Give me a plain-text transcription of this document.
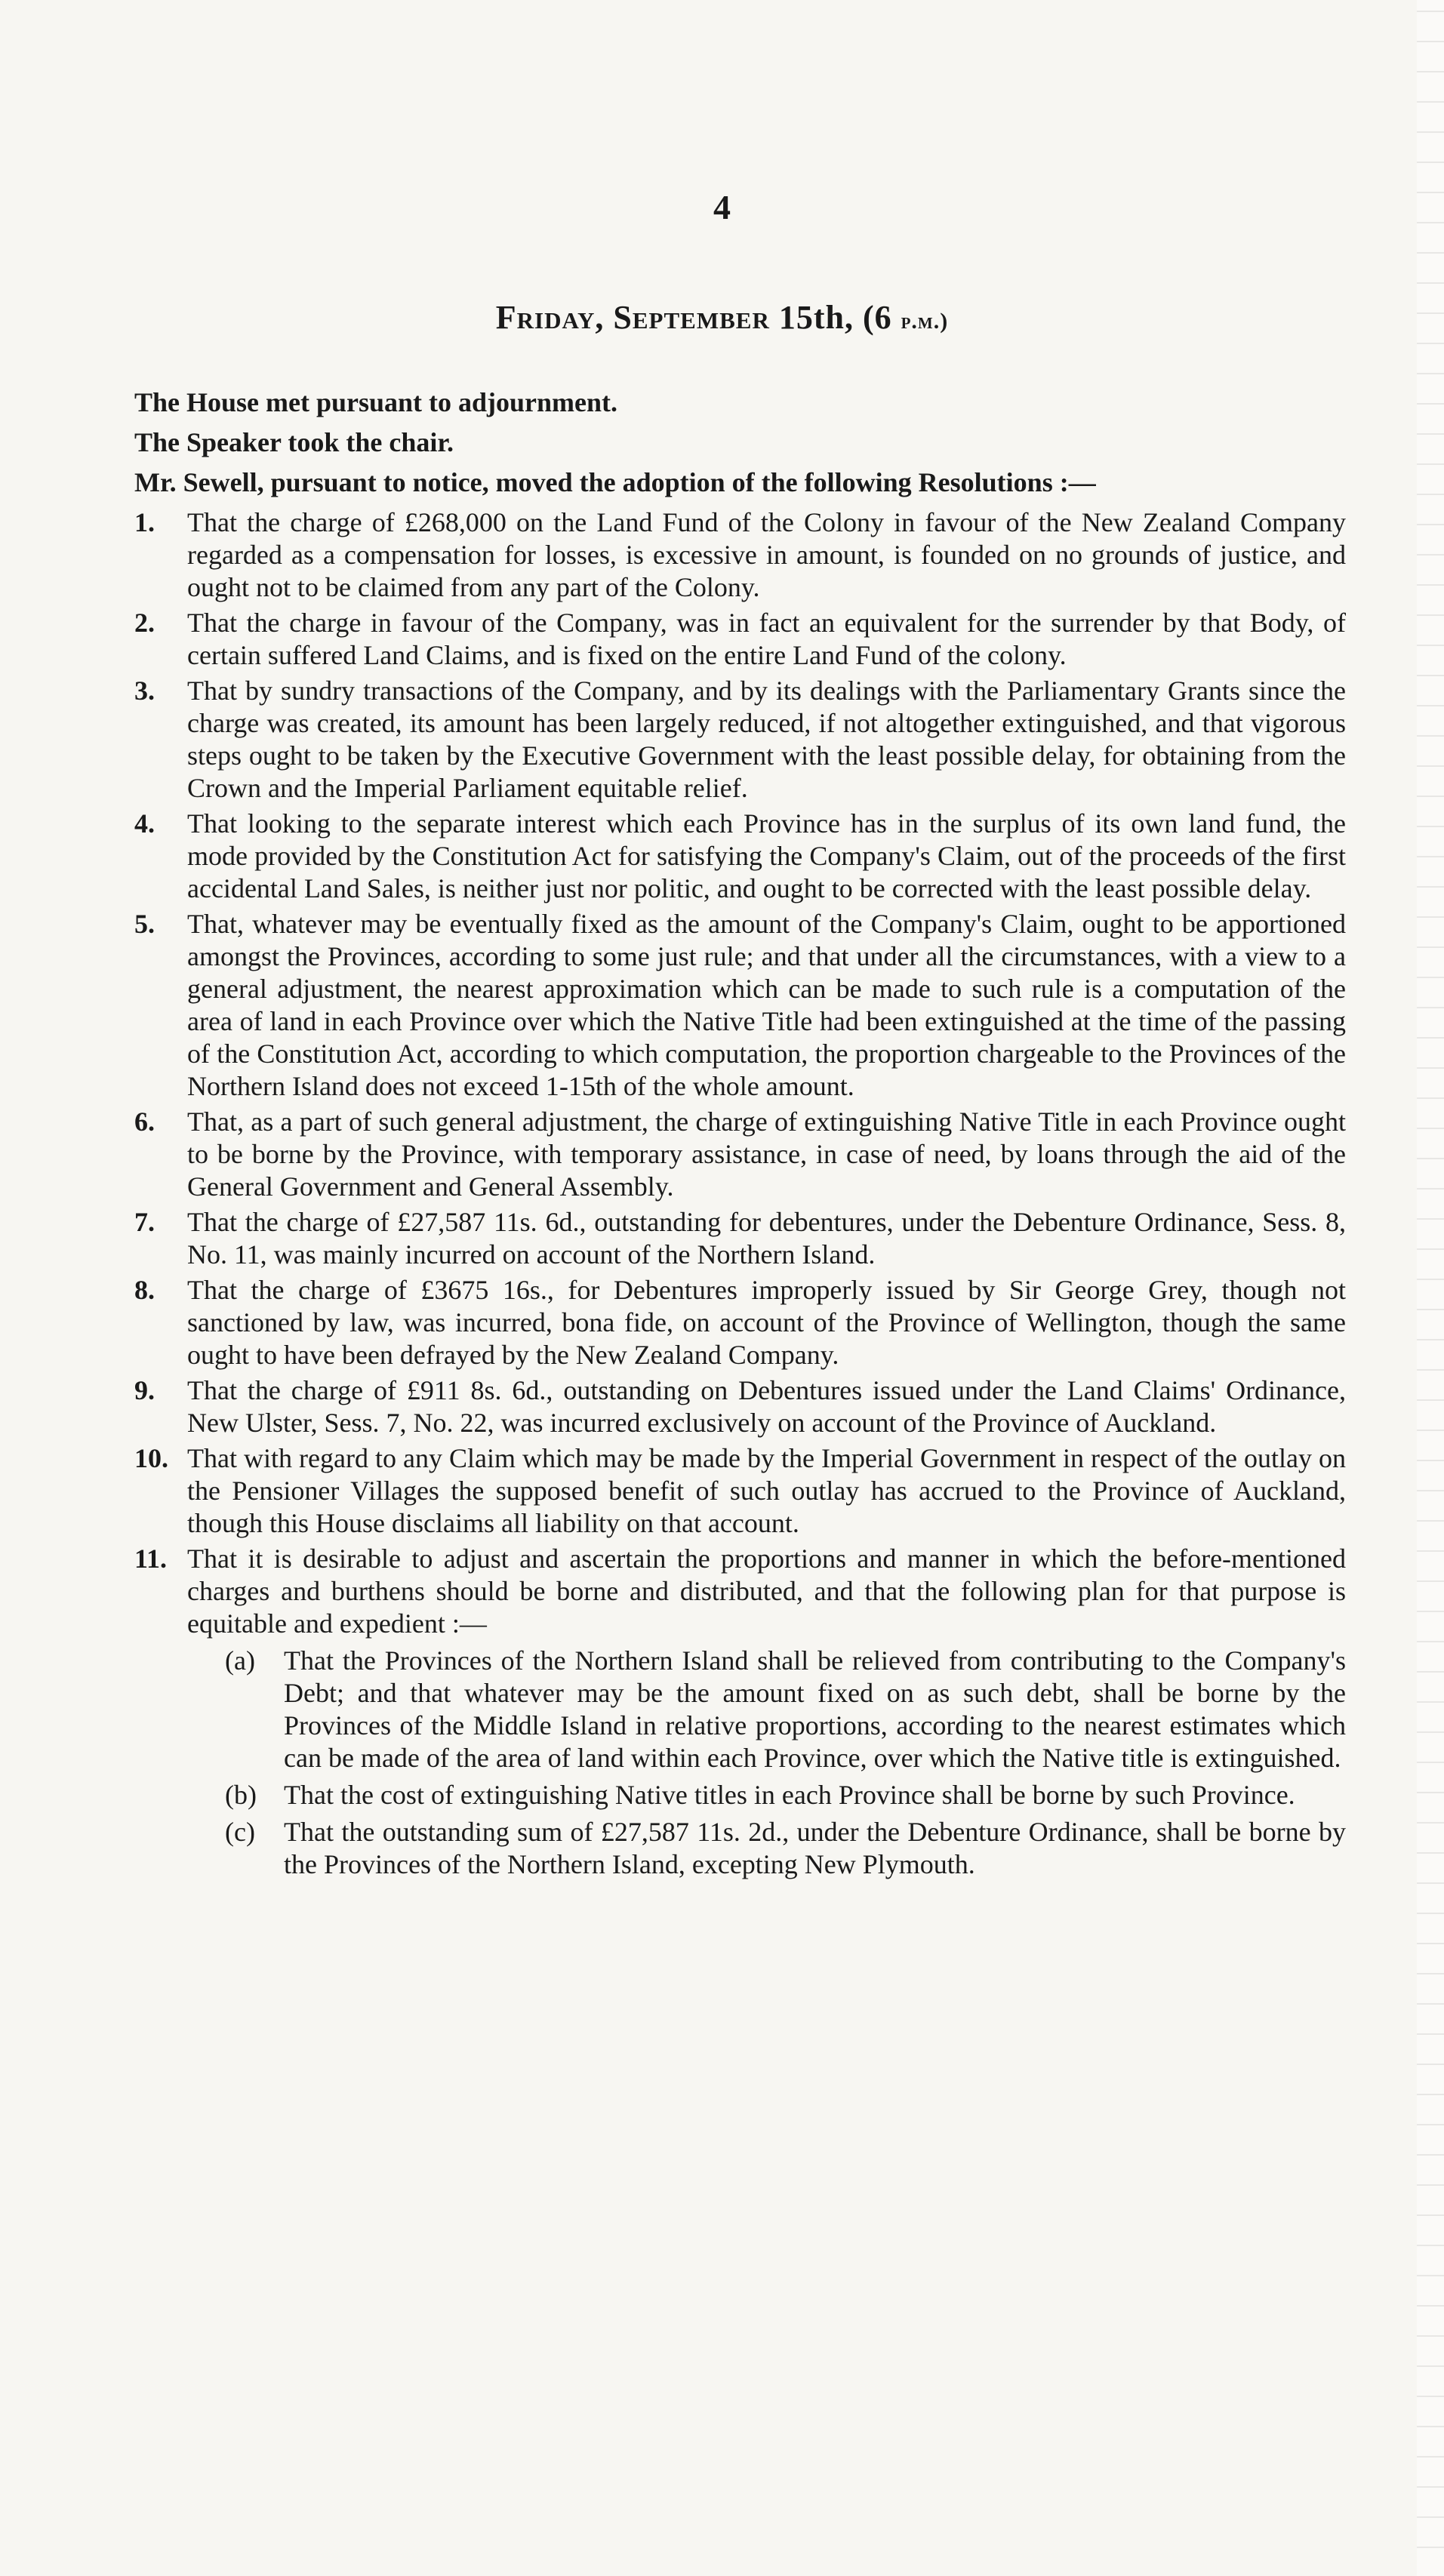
4
Friday, September 15th, (6 p.m.)

The House met pursuant to adjournment.

The Speaker took the chair.

Mr. Sewell, pursuant to notice, moved the adoption of the following Resolutions :—

1.	That the charge of £268,000 on the Land Fund of the Colony in favour of the New Zealand Company regarded as a compensation for losses, is excessive in amount, is founded on no grounds of justice, and ought not to be claimed from any part of the Colony.
2.	That the charge in favour of the Company, was in fact an equivalent for the surrender by that Body, of certain suffered Land Claims, and is fixed on the entire Land Fund of the colony.
3.	That by sundry transactions of the Company, and by its dealings with the Parliamentary Grants since the charge was created, its amount has been largely reduced, if not altogether extinguished, and that vigorous steps ought to be taken by the Executive Government with the least possible delay, for obtaining from the Crown and the Imperial Parliament equitable relief.
4.	That looking to the separate interest which each Province has in the surplus of its own land fund, the mode provided by the Constitution Act for satisfying the Company's Claim, out of the proceeds of the first accidental Land Sales, is neither just nor politic, and ought to be corrected with the least possible delay.
5.	That, whatever may be eventually fixed as the amount of the Company's Claim, ought to be apportioned amongst the Provinces, according to some just rule; and that under all the circumstances, with a view to a general adjustment, the nearest approximation which can be made to such rule is a computation of the area of land in each Province over which the Native Title had been extinguished at the time of the passing of the Constitution Act, according to which computation, the proportion chargeable to the Provinces of the Northern Island does not exceed 1-15th of the whole amount.
6.	That, as a part of such general adjustment, the charge of extinguishing Native Title in each Province ought to be borne by the Province, with temporary assistance, in case of need, by loans through the aid of the General Government and General Assembly.
7.	That the charge of £27,587 11s. 6d., outstanding for debentures, under the Debenture Ordinance, Sess. 8, No. 11, was mainly incurred on account of the Northern Island.
8.	That the charge of £3675 16s., for Debentures improperly issued by Sir George Grey, though not sanctioned by law, was incurred, bona fide, on account of the Province of Wellington, though the same ought to have been defrayed by the New Zealand Company.
9.	That the charge of £911 8s. 6d., outstanding on Debentures issued under the Land Claims' Ordinance, New Ulster, Sess. 7, No. 22, was incurred exclusively on account of the Province of Auckland.
10. That with regard to any Claim which may be made by the Imperial Government in respect of the outlay on the Pensioner Villages the supposed benefit of such outlay has accrued to the Province of Auckland, though this House disclaims all liability on that account.
11. That it is desirable to adjust and ascertain the proportions and manner in which the before-mentioned charges and burthens should be borne and distributed, and that the following plan for that purpose is equitable and expedient :—
(a)	That the Provinces of the Northern Island shall be relieved from contributing to the Company's Debt; and that whatever may be the amount fixed on as such debt, shall be borne by the Provinces of the Middle Island in relative proportions, according to the nearest estimates which can be made of the area of land within each Province, over which the Native title is extinguished.
(b)	That the cost of extinguishing Native titles in each Province shall be borne by such Province.
(c)	That the outstanding sum of £27,587 11s. 2d., under the Debenture Ordinance, shall be borne by the Provinces of the Northern Island, excepting New Plymouth.
